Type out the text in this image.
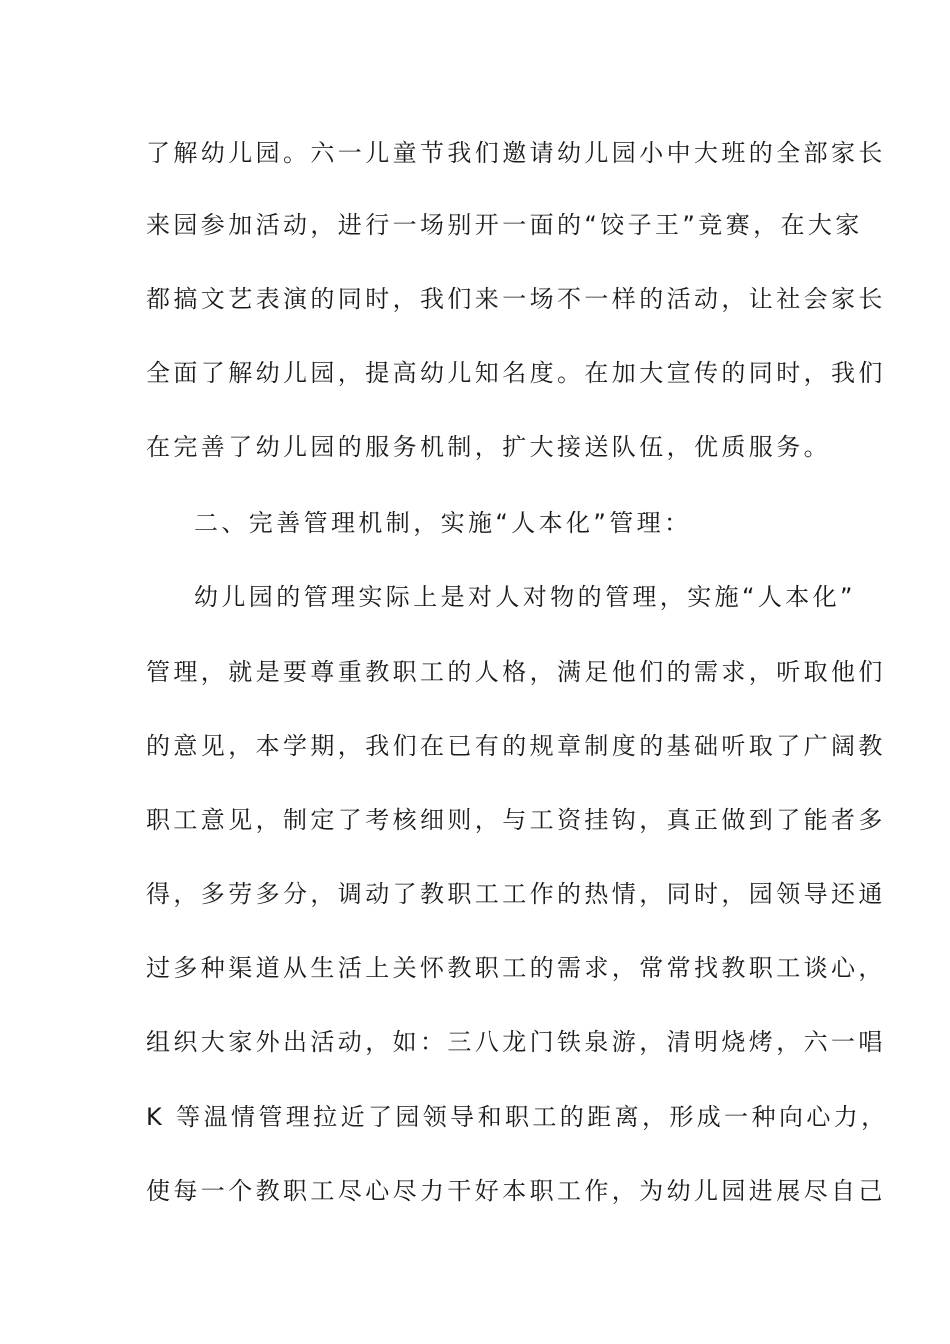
了解幼儿园。六一儿童节我们邀请幼儿园小中大班的全部家长
来园参加活动，进行一场别开一面的“饺子王”竞赛，在大家
都搞文艺表演的同时，我们来一场不一样的活动，让社会家长
全面了解幼儿园，提高幼儿知名度。在加大宣传的同时，我们
在完善了幼儿园的服务机制，扩大接送队伍，优质服务。
二、完善管理机制，实施“人本化”管理：
幼儿园的管理实际上是对人对物的管理，实施“人本化”
管理，就是要尊重教职工的人格，满足他们的需求，听取他们
的意见，本学期，我们在已有的规章制度的基础听取了广阔教
职工意见，制定了考核细则，与工资挂钩，真正做到了能者多
得，多劳多分，调动了教职工工作的热情，同时，园领导还通
过多种渠道从生活上关怀教职工的需求，常常找教职工谈心，
组织大家外出活动，如：三八龙门铁泉游，清明烧烤，六一唱
K 等温情管理拉近了园领导和职工的距离，形成一种向心力，
使每一个教职工尽心尽力干好本职工作，为幼儿园进展尽自己
